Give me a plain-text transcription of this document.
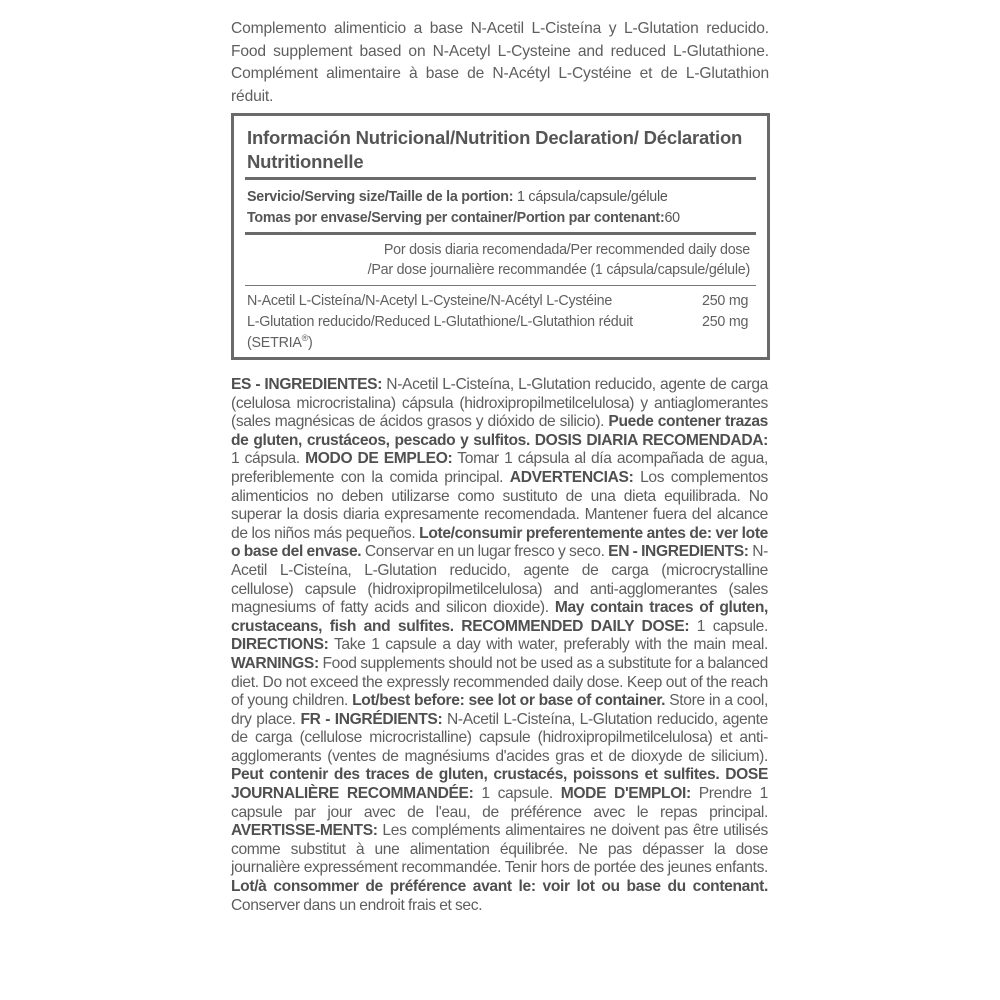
Complemento alimenticio a base N-Acetil L-Cisteína y L-Glutation reducido. Food supplement based on N-Acetyl L-Cysteine and reduced L-Glutathione. Complément alimentaire à base de N-Acétyl L-Cystéine et de L-Glutathion réduit.
Información Nutricional/Nutrition Declaration/ Déclaration Nutritionnelle
Servicio/Serving size/Taille de la portion: 1 cápsula/capsule/gélule
Tomas por envase/Serving per container/Portion par contenant:60
Por dosis diaria recomendada/Per recommended daily dose
/Par dose journalière recommandée (1 cápsula/capsule/gélule)
N-Acetil L-Cisteína/N-Acetyl L-Cysteine/N-Acétyl L-Cystéine	250 mg
L-Glutation reducido/Reduced L-Glutathione/L-Glutathion réduit	250 mg
(SETRIA®)
ES - INGREDIENTES: N-Acetil L-Cisteína, L-Glutation reducido, agente de carga (celulosa microcristalina) cápsula (hidroxipropilmetilcelulosa) y antiaglomerantes (sales magnésicas de ácidos grasos y dióxido de silicio). Puede contener trazas de gluten, crustáceos, pescado y sulfitos. DOSIS DIARIA RECOMENDADA: 1 cápsula. MODO DE EMPLEO: Tomar 1 cápsula al día acompañada de agua, preferiblemente con la comida principal. ADVERTENCIAS: Los complementos alimenticios no deben utilizarse como sustituto de una dieta equilibrada. No superar la dosis diaria expresamente recomendada. Mantener fuera del alcance de los niños más pequeños. Lote/consumir preferentemente antes de: ver lote o base del envase. Conservar en un lugar fresco y seco. EN - INGREDIENTS: N-Acetil L-Cisteína, L-Glutation reducido, agente de carga (microcrystalline cellulose) capsule (hidroxipropilmetilcelulosa) and anti-agglomerantes (sales magnesiums of fatty acids and silicon dioxide). May contain traces of gluten, crustaceans, fish and sulfites. RECOMMENDED DAILY DOSE: 1 capsule. DIRECTIONS: Take 1 capsule a day with water, preferably with the main meal. WARNINGS: Food supplements should not be used as a substitute for a balanced diet. Do not exceed the expressly recommended daily dose. Keep out of the reach of young children. Lot/best before: see lot or base of container. Store in a cool, dry place. FR - INGRÉDIENTS: N-Acetil L-Cisteína, L-Glutation reducido, agente de carga (cellulose microcristalline) capsule (hidroxipropilmetilcelulosa) et anti-agglomerants (ventes de magnésiums d'acides gras et de dioxyde de silicium). Peut contenir des traces de gluten, crustacés, poissons et sulfites. DOSE JOURNALIÈRE RECOMMANDÉE: 1 capsule. MODE D'EMPLOI: Prendre 1 capsule par jour avec de l'eau, de préférence avec le repas principal. AVERTISSE-MENTS: Les compléments alimentaires ne doivent pas être utilisés comme substitut à une alimentation équilibrée. Ne pas dépasser la dose journalière expressément recommandée. Tenir hors de portée des jeunes enfants. Lot/à consommer de préférence avant le: voir lot ou base du contenant. Conserver dans un endroit frais et sec.
